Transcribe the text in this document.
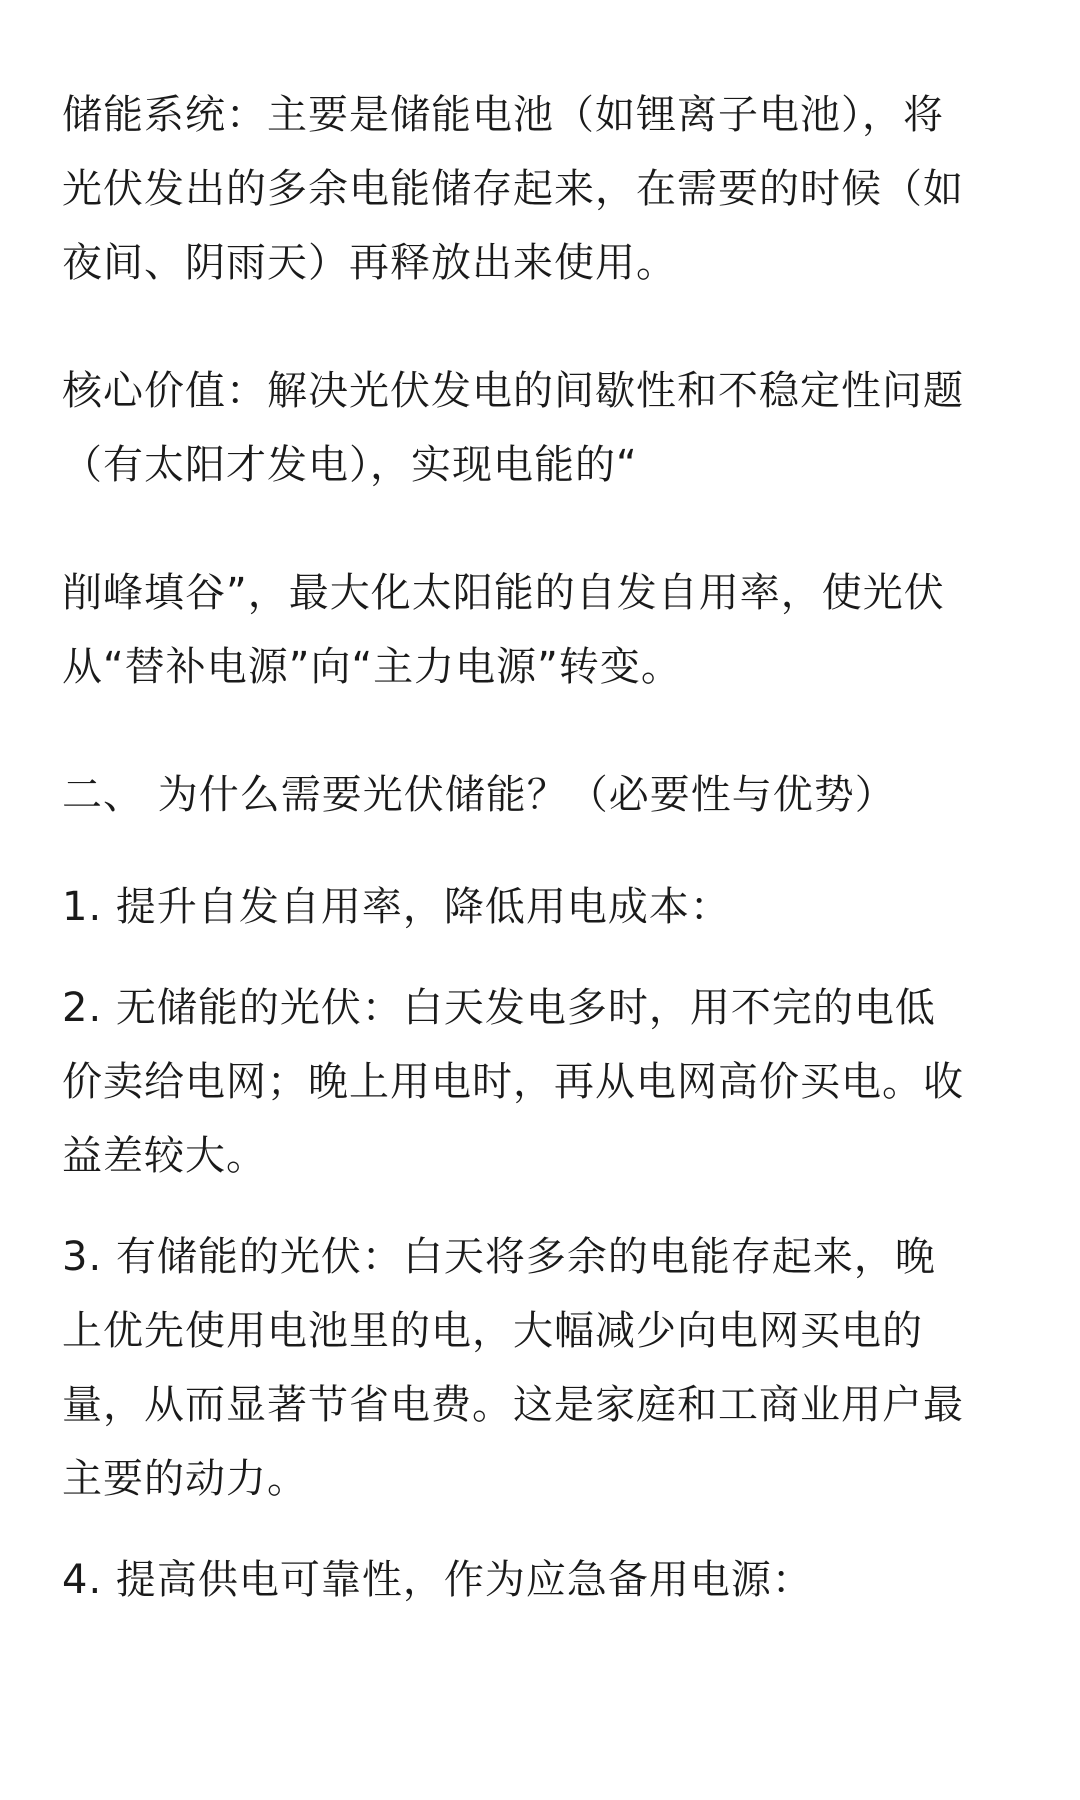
储能系统：主要是储能电池（如锂离子电池），将
光伏发出的多余电能储存起来，在需要的时候（如
夜间、阴雨天）再释放出来使用。

核心价值：解决光伏发电的间歇性和不稳定性问题
（有太阳才发电），实现电能的“

削峰填谷”，最大化太阳能的自发自用率，使光伏
从“替补电源”向“主力电源”转变。

二、 为什么需要光伏储能？（必要性与优势）

1. 提升自发自用率，降低用电成本：

2. 无储能的光伏：白天发电多时，用不完的电低
价卖给电网；晚上用电时，再从电网高价买电。收
益差较大。

3. 有储能的光伏：白天将多余的电能存起来，晚
上优先使用电池里的电，大幅减少向电网买电的
量，从而显著节省电费。这是家庭和工商业用户最
主要的动力。

4. 提高供电可靠性，作为应急备用电源：
